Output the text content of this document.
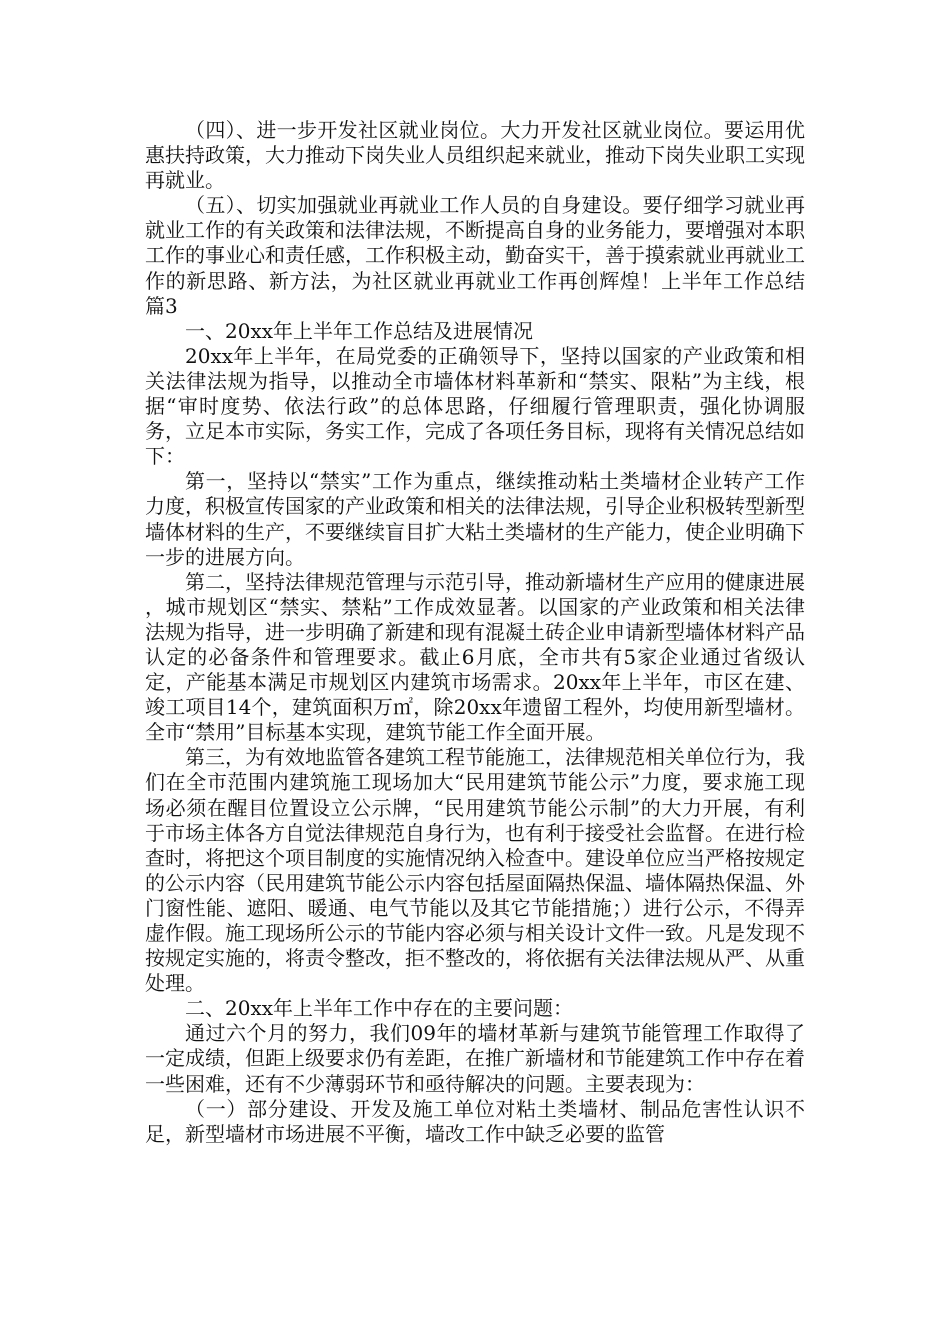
（四）、进一步开发社区就业岗位。大力开发社区就业岗位。要运用优惠扶持政策，大力推动下岗失业人员组织起来就业，推动下岗失业职工实现再就业。

（五）、切实加强就业再就业工作人员的自身建设。要仔细学习就业再就业工作的有关政策和法律法规，不断提高自身的业务能力，要增强对本职工作的事业心和责任感，工作积极主动，勤奋实干，善于摸索就业再就业工作的新思路、新方法，为社区就业再就业工作再创辉煌！上半年工作总结 篇3

一、20xx年上半年工作总结及进展情况

20xx年上半年，在局党委的正确领导下，坚持以国家的产业政策和相关法律法规为指导，以推动全市墙体材料革新和“禁实、限粘”为主线，根据“审时度势、依法行政”的总体思路，仔细履行管理职责，强化协调服务，立足本市实际，务实工作，完成了各项任务目标，现将有关情况总结如下：

第一，坚持以“禁实”工作为重点，继续推动粘土类墙材企业转产工作力度，积极宣传国家的产业政策和相关的法律法规，引导企业积极转型新型墙体材料的生产，不要继续盲目扩大粘土类墙材的生产能力，使企业明确下一步的进展方向。

第二，坚持法律规范管理与示范引导，推动新墙材生产应用的健康进展 ，城市规划区“禁实、禁粘”工作成效显著。以国家的产业政策和相关法律法规为指导，进一步明确了新建和现有混凝土砖企业申请新型墙体材料产品认定的必备条件和管理要求。截止6月底，全市共有5家企业通过省级认定，产能基本满足市规划区内建筑市场需求。20xx年上半年，市区在建、竣工项目14个，建筑面积万㎡，除20xx年遗留工程外，均使用新型墙材。全市“禁用”目标基本实现，建筑节能工作全面开展。

第三，为有效地监管各建筑工程节能施工，法律规范相关单位行为，我们在全市范围内建筑施工现场加大“民用建筑节能公示”力度，要求施工现场必须在醒目位置设立公示牌，“民用建筑节能公示制”的大力开展，有利于市场主体各方自觉法律规范自身行为，也有利于接受社会监督。在进行检查时，将把这个项目制度的实施情况纳入检查中。建设单位应当严格按规定的公示内容（民用建筑节能公示内容包括屋面隔热保温、墙体隔热保温、外门窗性能、遮阳、暖通、电气节能以及其它节能措施；）进行公示，不得弄虚作假。施工现场所公示的节能内容必须与相关设计文件一致。凡是发现不按规定实施的，将责令整改，拒不整改的，将依据有关法律法规从严、从重处理。

二、20xx年上半年工作中存在的主要问题：

通过六个月的努力，我们09年的墙材革新与建筑节能管理工作取得了一定成绩，但距上级要求仍有差距，在推广新墙材和节能建筑工作中存在着一些困难，还有不少薄弱环节和亟待解决的问题。主要表现为：

（一）部分建设、开发及施工单位对粘土类墙材、制品危害性认识不足，新型墙材市场进展不平衡，墙改工作中缺乏必要的监管
